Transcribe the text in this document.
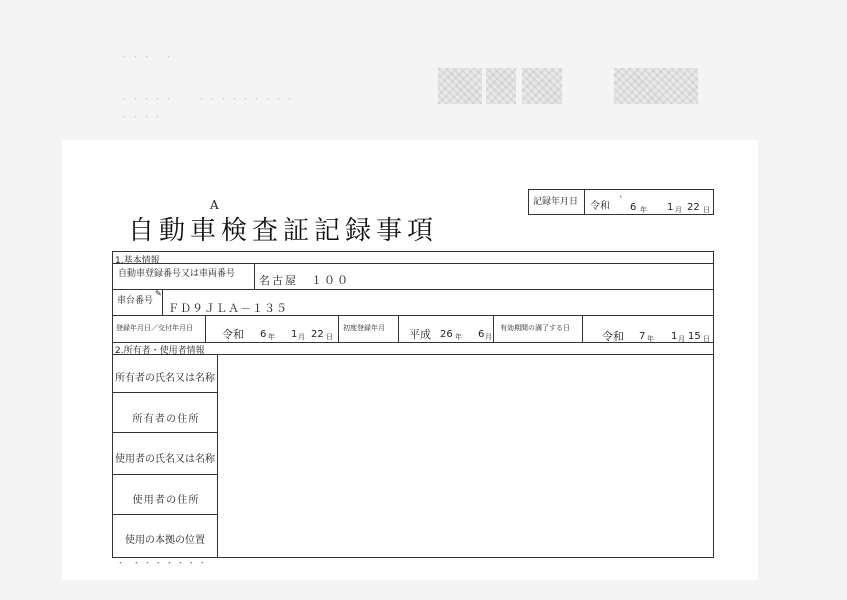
・・・　・
・・・・・　　・・・・・・・・・
・・・・
A
自動車検査証記録事項
記録年月日 令和 `
6 年 1 月 22 日
1.基本情報
自動車登録番号又は車両番号 名古屋　１００
車台番号
✎
ＦＤ９ＪＬＡ－１３５
登録年月日／交付年月日	令和 6 年 1 月 22 日
初度登録年月 平成 26 年 6 月
有効期間の満了する日
令和 7 年 1 月 15 日
2.所有者・使用者情報
所有者の氏名又は名称
所 有 者 の 住 所
使用者の氏名又は名称
使 用 者 の 住 所
使用の本拠の位置
・ ・・・・・・・
